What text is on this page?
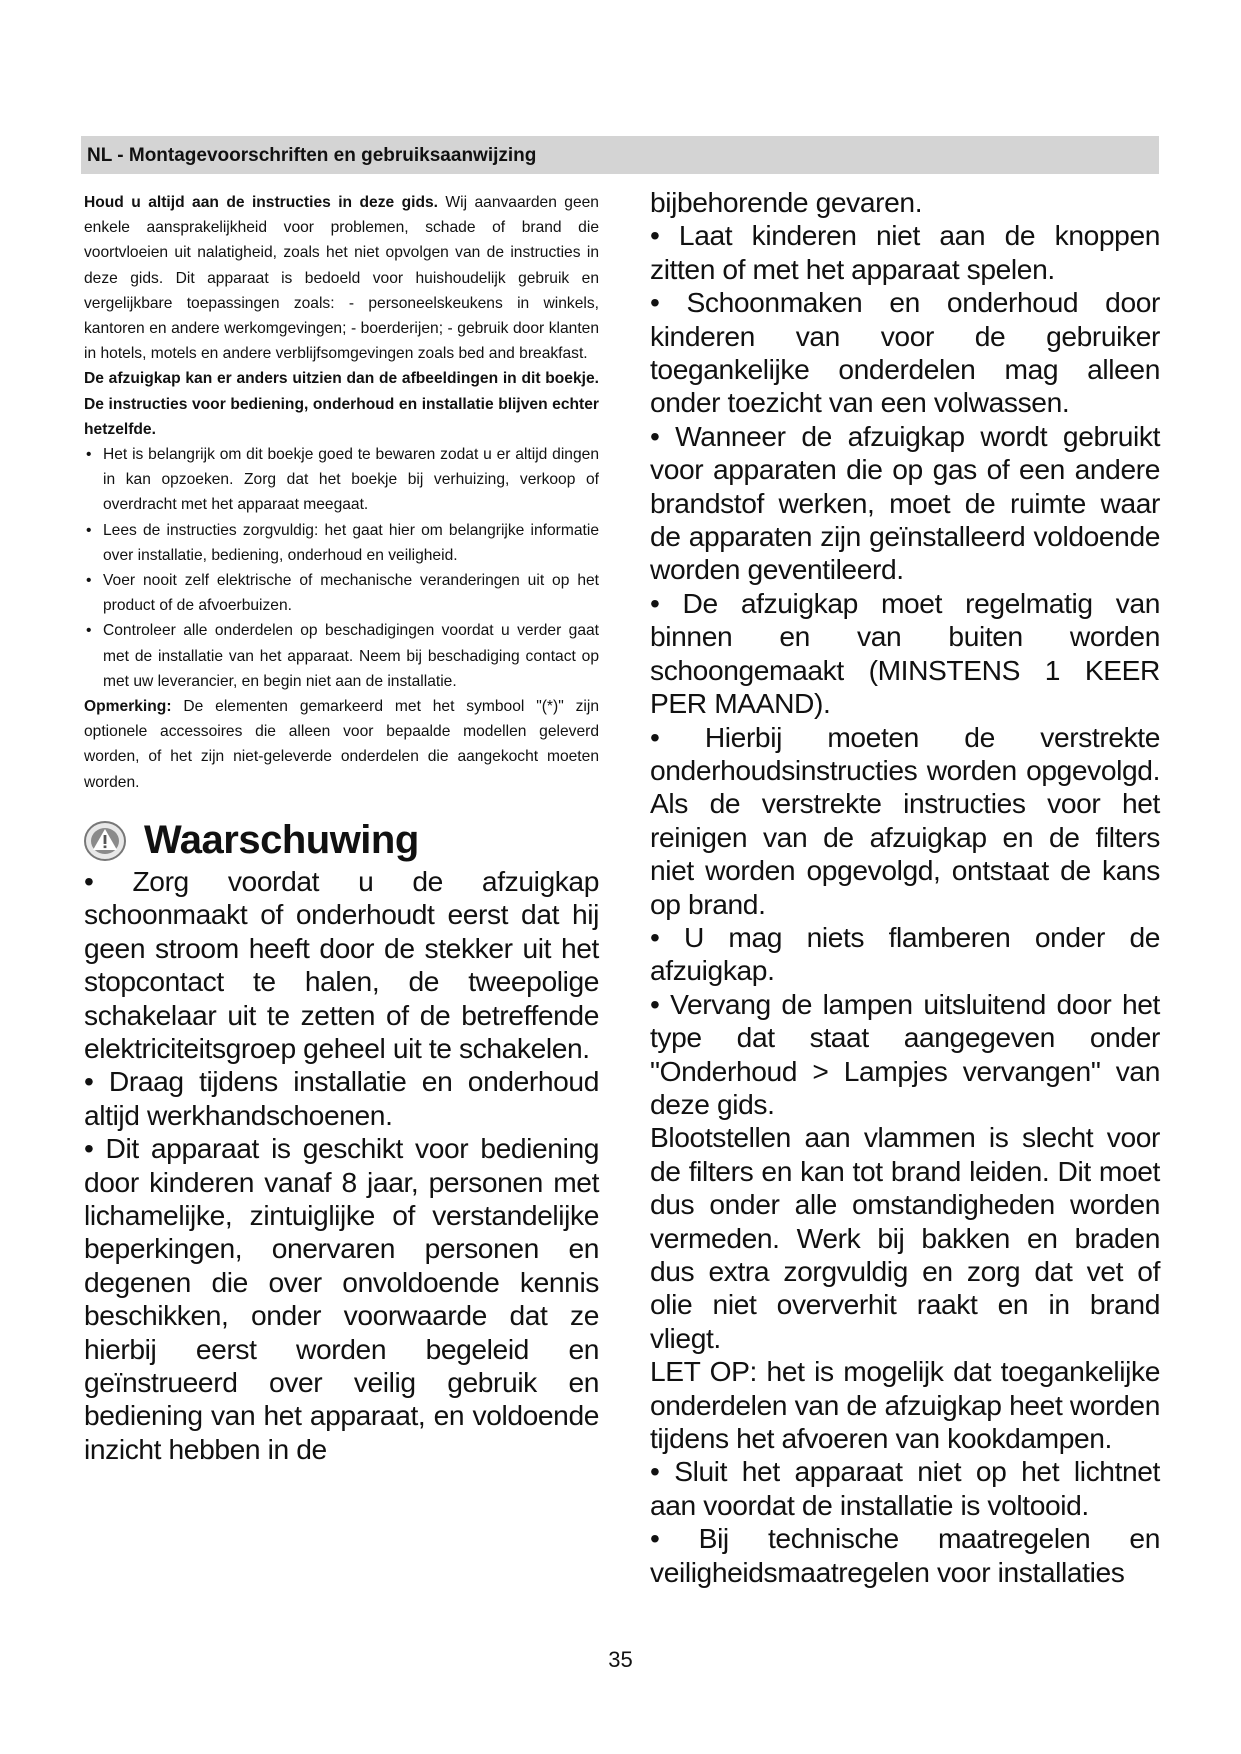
NL - Montagevoorschriften en gebruiksaanwijzing

Houd u altijd aan de instructies in deze gids. Wij aanvaarden geen enkele aansprakelijkheid voor problemen, schade of brand die voortvloeien uit nalatigheid, zoals het niet opvolgen van de instructies in deze gids. Dit apparaat is bedoeld voor huishoudelijk gebruik en vergelijkbare toepassingen zoals: - personeelskeukens in winkels, kantoren en andere werkomgevingen; - boerderijen; - gebruik door klanten in hotels, motels en andere verblijfsomgevingen zoals bed and breakfast.

De afzuigkap kan er anders uitzien dan de afbeeldingen in dit boekje. De instructies voor bediening, onderhoud en installatie blijven echter hetzelfde.

• Het is belangrijk om dit boekje goed te bewaren zodat u er altijd dingen in kan opzoeken. Zorg dat het boekje bij verhuizing, verkoop of overdracht met het apparaat meegaat.
• Lees de instructies zorgvuldig: het gaat hier om belangrijke informatie over installatie, bediening, onderhoud en veiligheid.
• Voer nooit zelf elektrische of mechanische veranderingen uit op het product of de afvoerbuizen.
• Controleer alle onderdelen op beschadigingen voordat u verder gaat met de installatie van het apparaat. Neem bij beschadiging contact op met uw leverancier, en begin niet aan de installatie.

Opmerking: De elementen gemarkeerd met het symbool "(*)" zijn optionele accessoires die alleen voor bepaalde modellen geleverd worden, of het zijn niet-geleverde onderdelen die aangekocht moeten worden.

Waarschuwing

• Zorg voordat u de afzuigkap schoonmaakt of onderhoudt eerst dat hij geen stroom heeft door de stekker uit het stopcontact te halen, de tweepolige schakelaar uit te zetten of de betreffende elektriciteitsgroep geheel uit te schakelen.

• Draag tijdens installatie en onderhoud altijd werkhandschoenen.

• Dit apparaat is geschikt voor bediening door kinderen vanaf 8 jaar, personen met lichamelijke, zintuiglijke of verstandelijke beperkingen, onervaren personen en degenen die over onvoldoende kennis beschikken, onder voorwaarde dat ze hierbij eerst worden begeleid en geïnstrueerd over veilig gebruik en bediening van het apparaat, en voldoende inzicht hebben in de

bijbehorende gevaren.

• Laat kinderen niet aan de knoppen zitten of met het apparaat spelen.

• Schoonmaken en onderhoud door kinderen van voor de gebruiker toegankelijke onderdelen mag alleen onder toezicht van een volwassen.

• Wanneer de afzuigkap wordt gebruikt voor apparaten die op gas of een andere brandstof werken, moet de ruimte waar de apparaten zijn geïnstalleerd voldoende worden geventileerd.

• De afzuigkap moet regelmatig van binnen en van buiten worden schoongemaakt (MINSTENS 1 KEER PER MAAND).

• Hierbij moeten de verstrekte onderhoudsinstructies worden opgevolgd. Als de verstrekte instructies voor het reinigen van de afzuigkap en de filters niet worden opgevolgd, ontstaat de kans op brand.

• U mag niets flamberen onder de afzuigkap.

• Vervang de lampen uitsluitend door het type dat staat aangegeven onder "Onderhoud > Lampjes vervangen" van deze gids.

Blootstellen aan vlammen is slecht voor de filters en kan tot brand leiden. Dit moet dus onder alle omstandigheden worden vermeden. Werk bij bakken en braden dus extra zorgvuldig en zorg dat vet of olie niet oververhit raakt en in brand vliegt.

LET OP: het is mogelijk dat toegankelijke onderdelen van de afzuigkap heet worden tijdens het afvoeren van kookdampen.

• Sluit het apparaat niet op het lichtnet aan voordat de installatie is voltooid.

• Bij technische maatregelen en veiligheidsmaatregelen voor installaties

35
